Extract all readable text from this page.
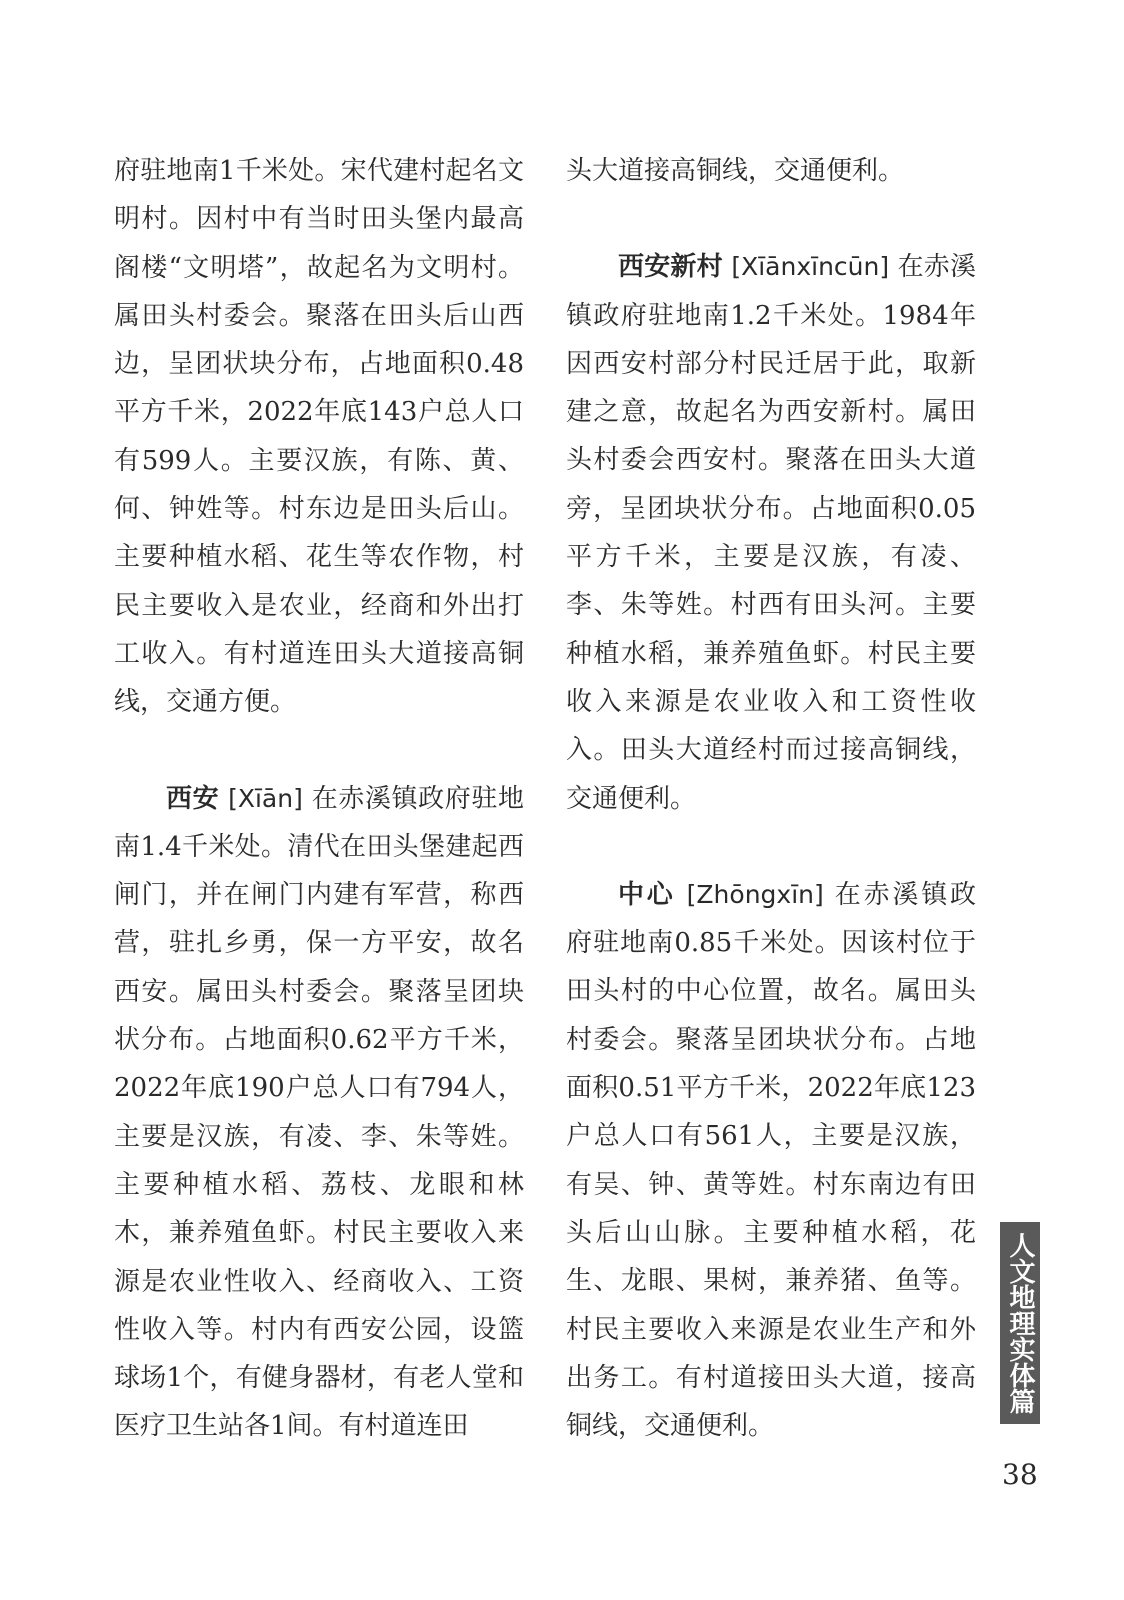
府驻地南1千米处。宋代建村起名文明村。因村中有当时田头堡内最高阁楼“文明塔”，故起名为文明村。属田头村委会。聚落在田头后山西边，呈团状块分布，占地面积0.48平方千米，2022年底143户总人口有599人。主要汉族，有陈、黄、何、钟姓等。村东边是田头后山。主要种植水稻、花生等农作物，村民主要收入是农业，经商和外出打工收入。有村道连田头大道接高铜线，交通方便。

西安 [Xīān] 在赤溪镇政府驻地南1.4千米处。清代在田头堡建起西闸门，并在闸门内建有军营，称西营，驻扎乡勇，保一方平安，故名西安。属田头村委会。聚落呈团块状分布。占地面积0.62平方千米，2022年底190户总人口有794人，主要是汉族，有凌、李、朱等姓。主要种植水稻、荔枝、龙眼和林木，兼养殖鱼虾。村民主要收入来源是农业性收入、经商收入、工资性收入等。村内有西安公园，设篮球场1个，有健身器材，有老人堂和医疗卫生站各1间。有村道连田

头大道接高铜线，交通便利。

西安新村 [Xīānxīncūn] 在赤溪镇政府驻地南1.2千米处。1984年因西安村部分村民迁居于此，取新建之意，故起名为西安新村。属田头村委会西安村。聚落在田头大道旁，呈团块状分布。占地面积0.05平方千米，主要是汉族，有凌、李、朱等姓。村西有田头河。主要种植水稻，兼养殖鱼虾。村民主要收入来源是农业收入和工资性收入。田头大道经村而过接高铜线，交通便利。

中心 [Zhōngxīn] 在赤溪镇政府驻地南0.85千米处。因该村位于田头村的中心位置，故名。属田头村委会。聚落呈团块状分布。占地面积0.51平方千米，2022年底123户总人口有561人，主要是汉族，有吴、钟、黄等姓。村东南边有田头后山山脉。主要种植水稻，花生、龙眼、果树，兼养猪、鱼等。村民主要收入来源是农业生产和外出务工。有村道接田头大道，接高铜线，交通便利。

人文地理实体篇
38
